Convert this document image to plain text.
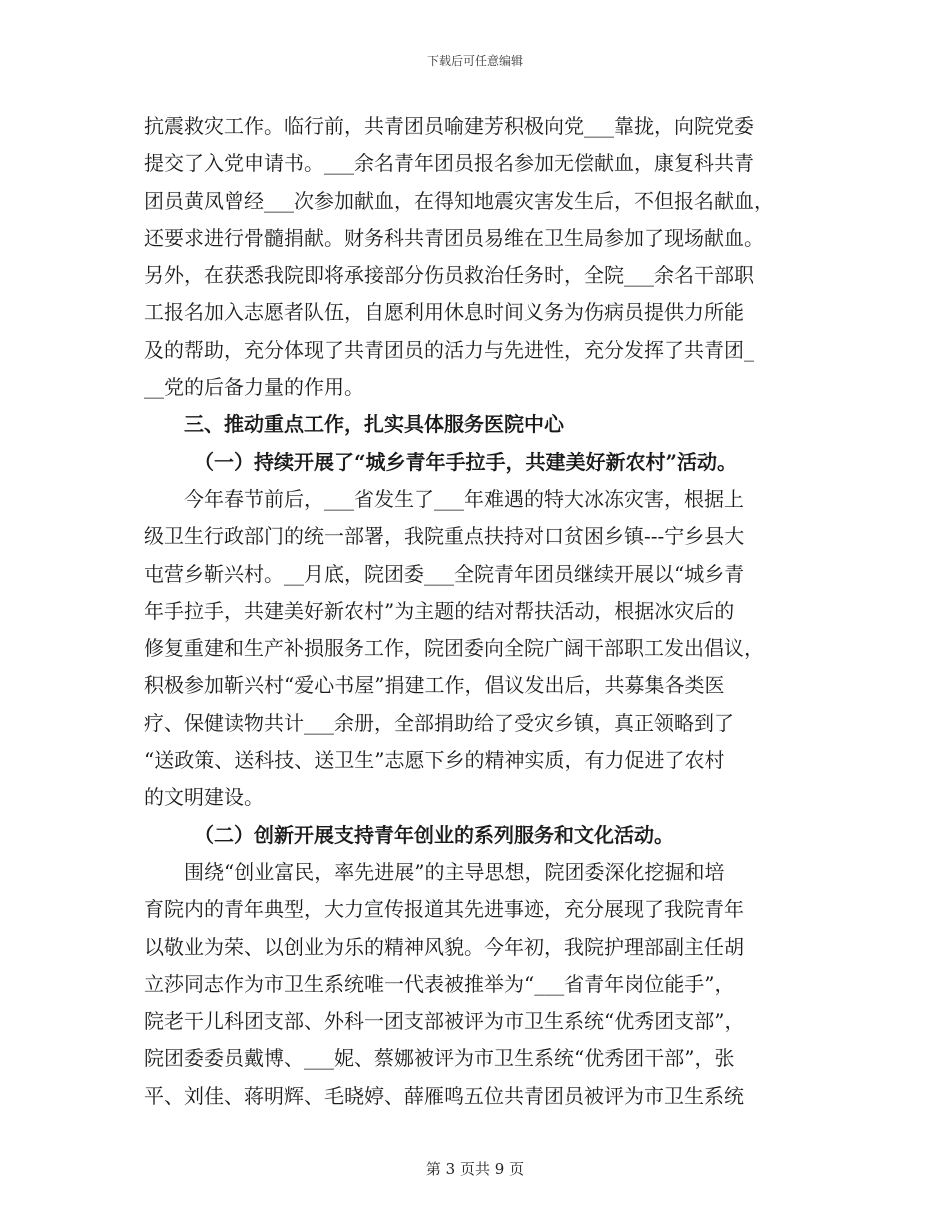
下载后可任意编辑

抗震救灾工作。临行前，共青团员喻建芳积极向党___靠拢，向院党委
提交了入党申请书。___余名青年团员报名参加无偿献血，康复科共青
团员黄凤曾经___次参加献血，在得知地震灾害发生后，不但报名献血，
还要求进行骨髓捐献。财务科共青团员易维在卫生局参加了现场献血。
另外，在获悉我院即将承接部分伤员救治任务时，全院___余名干部职
工报名加入志愿者队伍，自愿利用休息时间义务为伤病员提供力所能
及的帮助，充分体现了共青团员的活力与先进性，充分发挥了共青团_
__党的后备力量的作用。

三、推动重点工作，扎实具体服务医院中心

（一）持续开展了“城乡青年手拉手，共建美好新农村”活动。

今年春节前后，___省发生了___年难遇的特大冰冻灾害，根据上
级卫生行政部门的统一部署，我院重点扶持对口贫困乡镇---宁乡县大
屯营乡靳兴村。__月底，院团委___全院青年团员继续开展以“城乡青
年手拉手，共建美好新农村”为主题的结对帮扶活动，根据冰灾后的
修复重建和生产补损服务工作，院团委向全院广阔干部职工发出倡议，
积极参加靳兴村“爱心书屋”捐建工作，倡议发出后，共募集各类医
疗、保健读物共计___余册，全部捐助给了受灾乡镇，真正领略到了
“送政策、送科技、送卫生”志愿下乡的精神实质，有力促进了农村
的文明建设。

（二）创新开展支持青年创业的系列服务和文化活动。

围绕“创业富民，率先进展”的主导思想，院团委深化挖掘和培
育院内的青年典型，大力宣传报道其先进事迹，充分展现了我院青年
以敬业为荣、以创业为乐的精神风貌。今年初，我院护理部副主任胡
立莎同志作为市卫生系统唯一代表被推举为“___省青年岗位能手”，
院老干儿科团支部、外科一团支部被评为市卫生系统“优秀团支部”，
院团委委员戴博、___妮、蔡娜被评为市卫生系统“优秀团干部”，张
平、刘佳、蒋明辉、毛晓婷、薛雁鸣五位共青团员被评为市卫生系统

第 3 页共 9 页
